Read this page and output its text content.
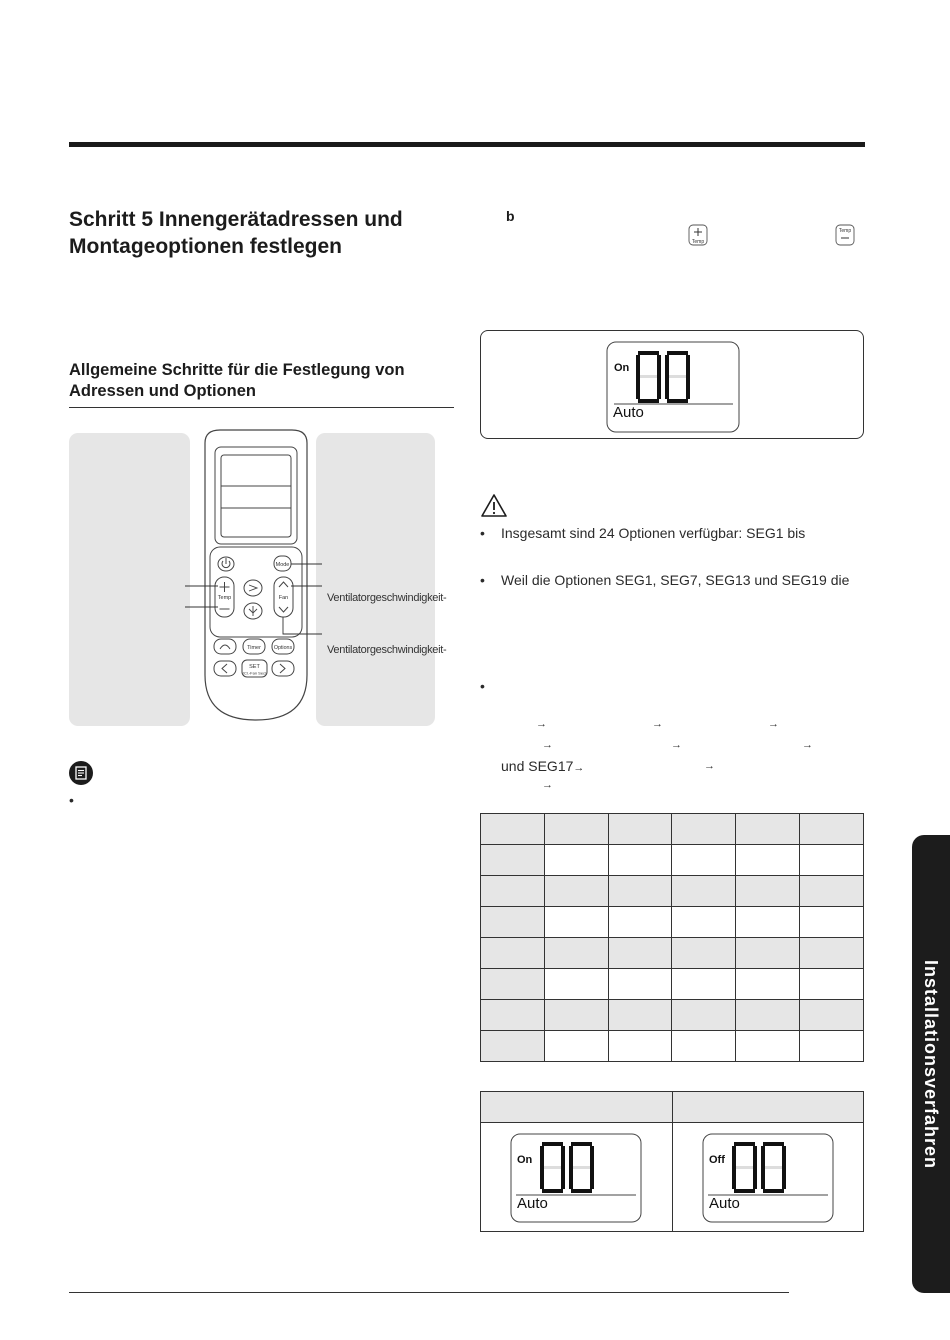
Schritt 5 Innengerätadressen und
Montageoptionen festlegen
Allgemeine Schritte für die Festlegung von
Adressen und Optionen
Mode
Temp	Fan
Timer Options
SET
(Cl.-Fan Sec)
Ventilatorgeschwindigkeit-
Ventilatorgeschwindigkeit-
•
b
Temp
Temp
On
Auto
• Insgesamt sind 24 Optionen verfügbar: SEG1 bis
• Weil die Optionen SEG1, SEG7, SEG13 und SEG19 die
•
→	→	→
→	→	→
und SEG17→	→
→

On
Auto
Off
Auto
Installationsverfahren
